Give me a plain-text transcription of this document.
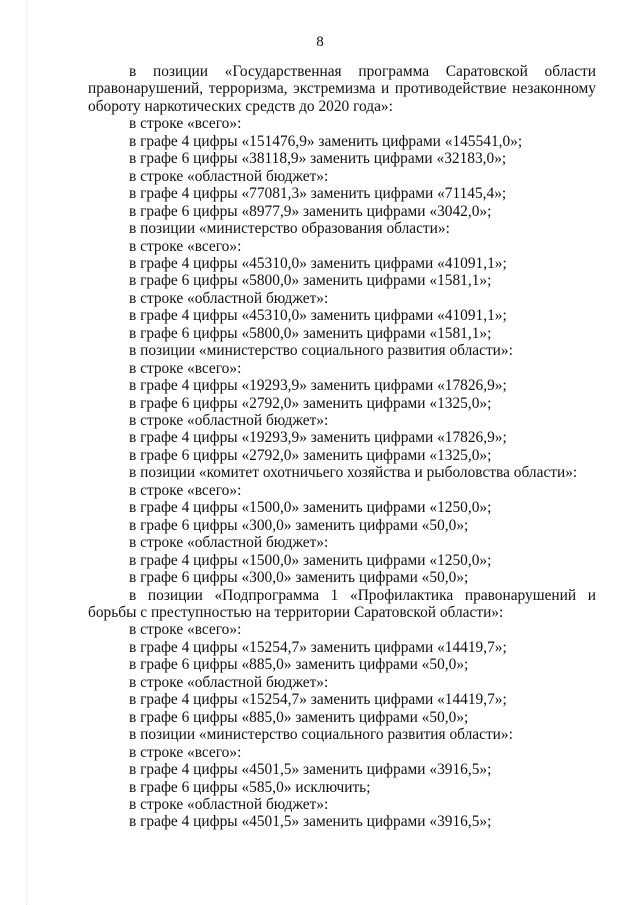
8
в позиции «Государственная программа Саратовской области
правонарушений, терроризма, экстремизма и противодействие незаконному
обороту наркотических средств до 2020 года»:
в строке «всего»:
в графе 4 цифры «151476,9» заменить цифрами «145541,0»;
в графе 6 цифры «38118,9» заменить цифрами «32183,0»;
в строке «областной бюджет»:
в графе 4 цифры «77081,3» заменить цифрами «71145,4»;
в графе 6 цифры «8977,9» заменить цифрами «3042,0»;
в позиции «министерство образования области»:
в строке «всего»:
в графе 4 цифры «45310,0» заменить цифрами «41091,1»;
в графе 6 цифры «5800,0» заменить цифрами «1581,1»;
в строке «областной бюджет»:
в графе 4 цифры «45310,0» заменить цифрами «41091,1»;
в графе 6 цифры «5800,0» заменить цифрами «1581,1»;
в позиции «министерство социального развития области»:
в строке «всего»:
в графе 4 цифры «19293,9» заменить цифрами «17826,9»;
в графе 6 цифры «2792,0» заменить цифрами «1325,0»;
в строке «областной бюджет»:
в графе 4 цифры «19293,9» заменить цифрами «17826,9»;
в графе 6 цифры «2792,0» заменить цифрами «1325,0»;
в позиции «комитет охотничьего хозяйства и рыболовства области»:
в строке «всего»:
в графе 4 цифры «1500,0» заменить цифрами «1250,0»;
в графе 6 цифры «300,0» заменить цифрами «50,0»;
в строке «областной бюджет»:
в графе 4 цифры «1500,0» заменить цифрами «1250,0»;
в графе 6 цифры «300,0» заменить цифрами «50,0»;
в позиции «Подпрограмма 1 «Профилактика правонарушений и
борьбы с преступностью на территории Саратовской области»:
в строке «всего»:
в графе 4 цифры «15254,7» заменить цифрами «14419,7»;
в графе 6 цифры «885,0» заменить цифрами «50,0»;
в строке «областной бюджет»:
в графе 4 цифры «15254,7» заменить цифрами «14419,7»;
в графе 6 цифры «885,0» заменить цифрами «50,0»;
в позиции «министерство социального развития области»:
в строке «всего»:
в графе 4 цифры «4501,5» заменить цифрами «3916,5»;
в графе 6 цифры «585,0» исключить;
в строке «областной бюджет»:
в графе 4 цифры «4501,5» заменить цифрами «3916,5»;
